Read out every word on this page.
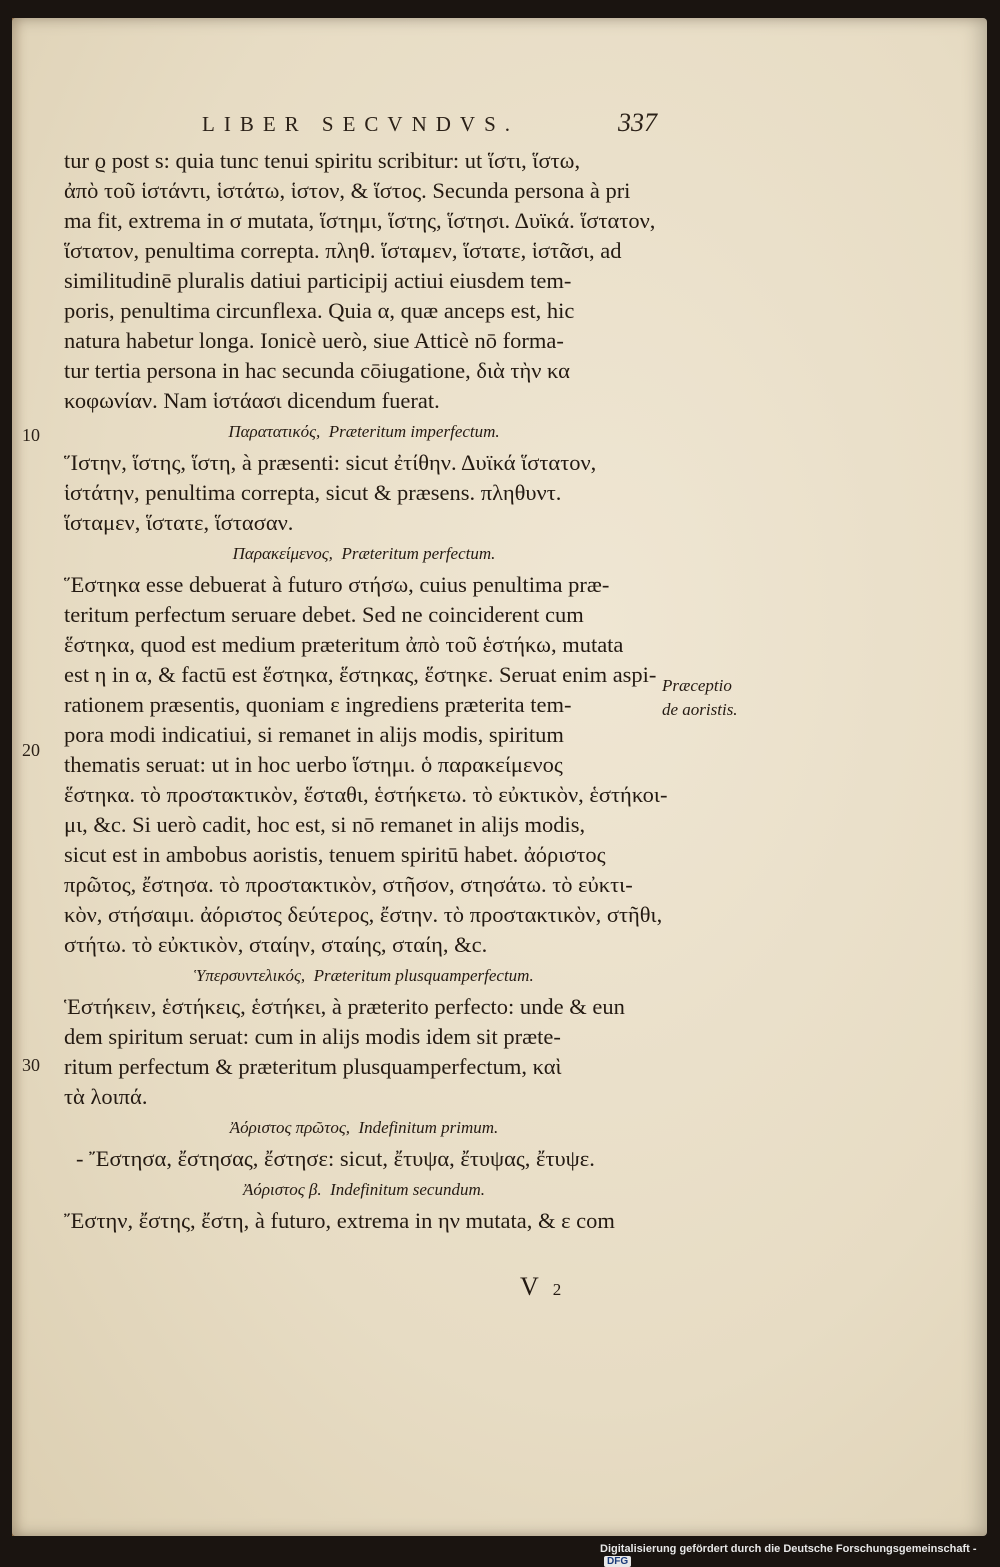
LIBER SECVNDVS.	337
10
20
30
Præceptio
de aoristis.
tur ϱ post s: quia tunc tenui spiritu scribitur: ut ἵστι, ἵστω,
ἀπὸ τοῦ ἱστάντι, ἱστάτω, ἱστον, & ἵστος. Secunda persona à pri
ma fit, extrema in σ mutata, ἵστημι, ἵστης, ἵστησι. Δυϊκά. ἵστατον,
ἵστατον, penultima correpta. πληθ. ἵσταμεν, ἵστατε, ἱστᾶσι, ad
similitudinē pluralis datiui participij actiui eiusdem tem-
poris, penultima circunflexa. Quia α, quæ anceps est, hic
natura habetur longa. Ionicè uerò, siue Atticè nō forma-
tur tertia persona in hac secunda cōiugatione, διὰ τὴν κα
κοφωνίαν. Nam ἱστάασι dicendum fuerat.
Παρατατικός, Præteritum imperfectum.
Ἵστην, ἵστης, ἵστη, à præsenti: sicut ἐτίθην. Δυϊκά ἵστατον,
ἱστάτην, penultima correpta, sicut & præsens. πληθυντ.
ἵσταμεν, ἵστατε, ἵστασαν.
Παρακείμενος, Præteritum perfectum.
Ἕστηκα esse debuerat à futuro στήσω, cuius penultima præ-
teritum perfectum seruare debet. Sed ne coinciderent cum
ἕστηκα, quod est medium præteritum ἀπὸ τοῦ ἑστήκω, mutata
est η in α, & factū est ἕστηκα, ἕστηκας, ἕστηκε. Seruat enim aspi-
rationem præsentis, quoniam ε ingrediens præterita tem-
pora modi indicatiui, si remanet in alijs modis, spiritum
thematis seruat: ut in hoc uerbo ἵστημι. ὁ παρακείμενος
ἕστηκα. τὸ προστακτικὸν, ἕσταθι, ἑστήκετω. τὸ εὐκτικὸν, ἑστήκοι-
μι, &c. Si uerò cadit, hoc est, si nō remanet in alijs modis,
sicut est in ambobus aoristis, tenuem spiritū habet. ἀόριστος
πρῶτος, ἔστησα. τὸ προστακτικὸν, στῆσον, στησάτω. τὸ εὐκτι-
κὸν, στήσαιμι. ἀόριστος δεύτερος, ἔστην. τὸ προστακτικὸν, στῆθι,
στήτω. τὸ εὐκτικὸν, σταίην, σταίης, σταίη, &c.
Ὑπερσυντελικός, Præteritum plusquamperfectum.
Ἑστήκειν, ἑστήκεις, ἑστήκει, à præterito perfecto: unde & eun
dem spiritum seruat: cum in alijs modis idem sit præte-
ritum perfectum & præteritum plusquamperfectum, καὶ
τὰ λοιπά.
Ἀόριστος πρῶτος, Indefinitum primum.
- Ἔστησα, ἔστησας, ἔστησε: sicut, ἔτυψα, ἔτυψας, ἔτυψε.
Ἀόριστος β. Indefinitum secundum.
Ἔστην, ἔστης, ἔστη, à futuro, extrema in ην mutata, & ε com
V 2
Digitalisierung gefördert durch die Deutsche Forschungsgemeinschaft -DFG
